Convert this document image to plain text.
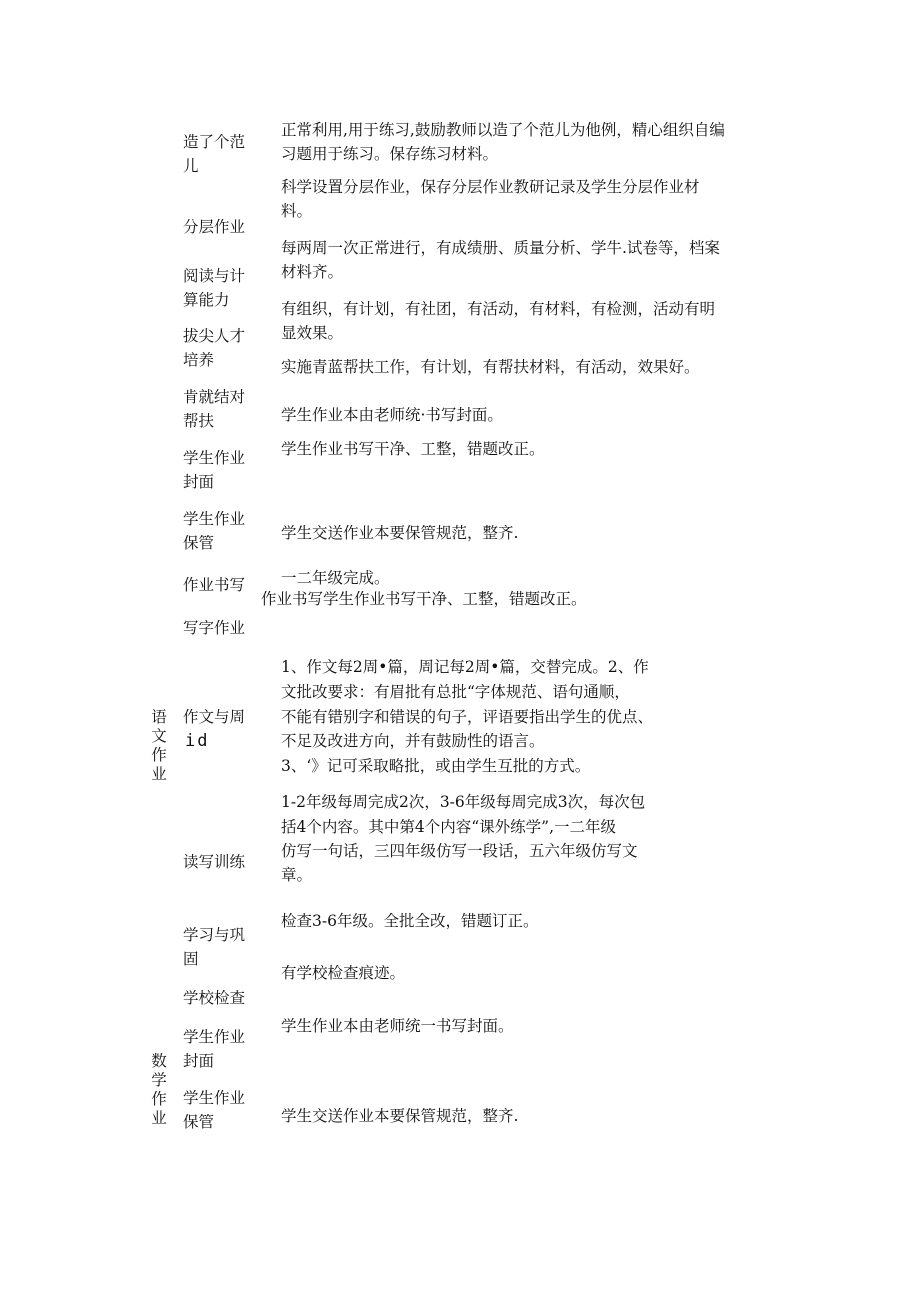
语文作业
数学作业
造了个范
儿
分层作业
阅读与计
算能力
拔尖人才
培养
肯就结对
帮扶
学生作业
封面
学生作业
保管
作业书写
写字作业
作文与周
id
读写训练
学习与巩
固
学校检查
学生作业
封面
学生作业
保管
正常利用,用于练习,鼓励教师以造了个范儿为他例，精心组织自编
习题用于练习。保存练习材料。
科学设置分层作业，保存分层作业教研记录及学生分层作业材
料。
每两周一次正常进行，有成绩册、质量分析、学牛.试卷等，档案
材料齐。
有组织，有计划，有社团，有活动，有材料，有检测，活动有明
显效果。
实施青蓝帮扶工作，有计划，有帮扶材料，有活动，效果好。
学生作业本由老师统·书写封面。
学生作业书写干净、工整，错题改正。
学生交送作业本要保管规范，整齐.
一二年级完成。
作业书写学生作业书写干净、工整，错题改正。
1、作文每2周•篇，周记每2周•篇，交替完成。2、作
文批改要求：有眉批有总批“字体规范、语句通顺，
不能有错别字和错误的句子，评语要指出学生的优点、
不足及改进方向，并有鼓励性的语言。
3、‘》记可采取略批，或由学生互批的方式。
1-2年级每周完成2次，3-6年级每周完成3次，每次包
括4个内容。其中第4个内容“课外练学”,一二年级
仿写一句话，三四年级仿写一段话，五六年级仿写文
章。
检查3-6年级。全批全改，错题订正。
有学校检查痕迹。
学生作业本由老师统一书写封面。
学生交送作业本要保管规范，整齐.
